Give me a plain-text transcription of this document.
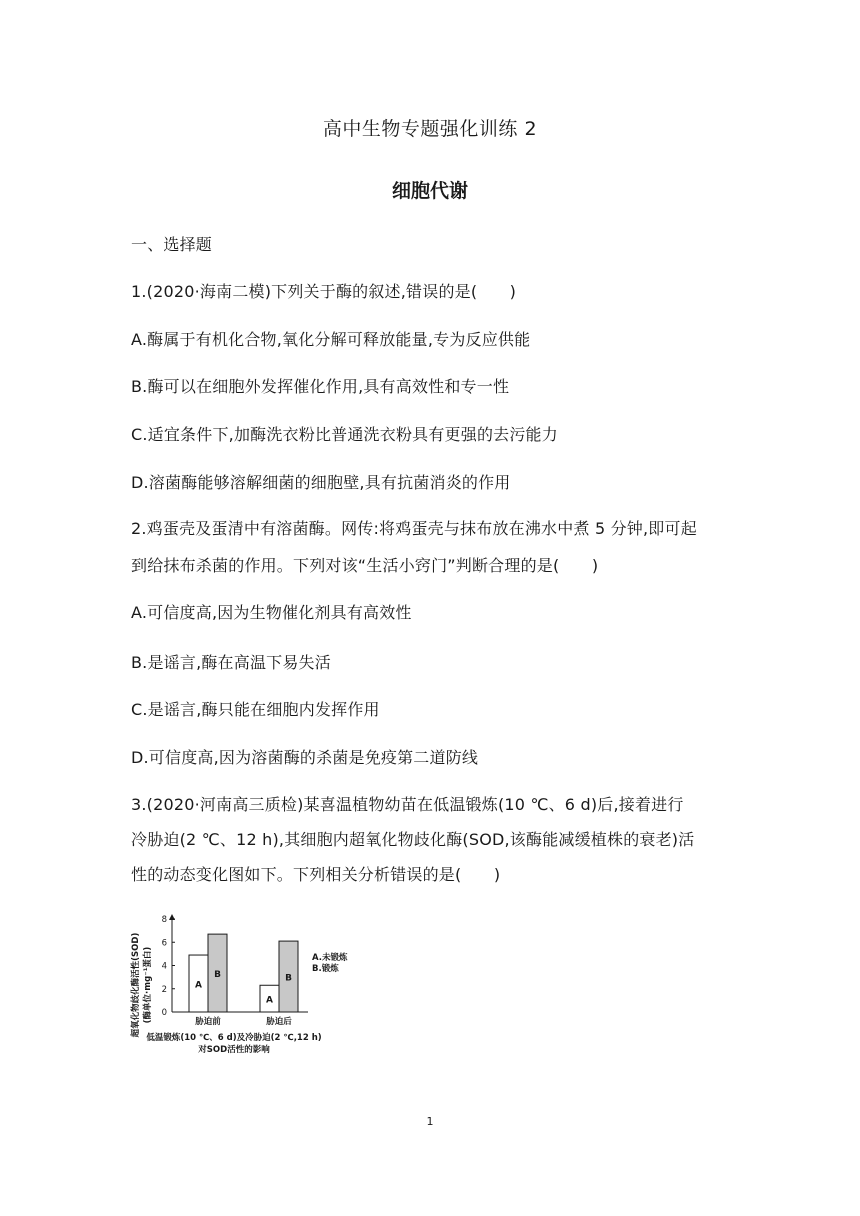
高中生物专题强化训练 2
细胞代谢
一、选择题
1.(2020·海南二模)下列关于酶的叙述,错误的是(　　)
A.酶属于有机化合物,氧化分解可释放能量,专为反应供能
B.酶可以在细胞外发挥催化作用,具有高效性和专一性
C.适宜条件下,加酶洗衣粉比普通洗衣粉具有更强的去污能力
D.溶菌酶能够溶解细菌的细胞壁,具有抗菌消炎的作用
2.鸡蛋壳及蛋清中有溶菌酶。网传:将鸡蛋壳与抹布放在沸水中煮 5 分钟,即可起
到给抹布杀菌的作用。下列对该“生活小窍门”判断合理的是(　　)
A.可信度高,因为生物催化剂具有高效性
B.是谣言,酶在高温下易失活
C.是谣言,酶只能在细胞内发挥作用
D.可信度高,因为溶菌酶的杀菌是免疫第二道防线
3.(2020·河南高三质检)某喜温植物幼苗在低温锻炼(10 ℃、6 d)后,接着进行
冷胁迫(2 ℃、12 h),其细胞内超氧化物歧化酶(SOD,该酶能减缓植株的衰老)活
性的动态变化图如下。下列相关分析错误的是(　　)
超氧化物歧化酶活性(SOD) (酶单位·mg⁻¹蛋白) 0
2
4
6
8
A
B
A
B
胁迫前	胁迫后
A.未锻炼
B.锻炼
低温锻炼(10 ℃、6 d)及冷胁迫(2 ℃,12 h)
对SOD活性的影响
1
